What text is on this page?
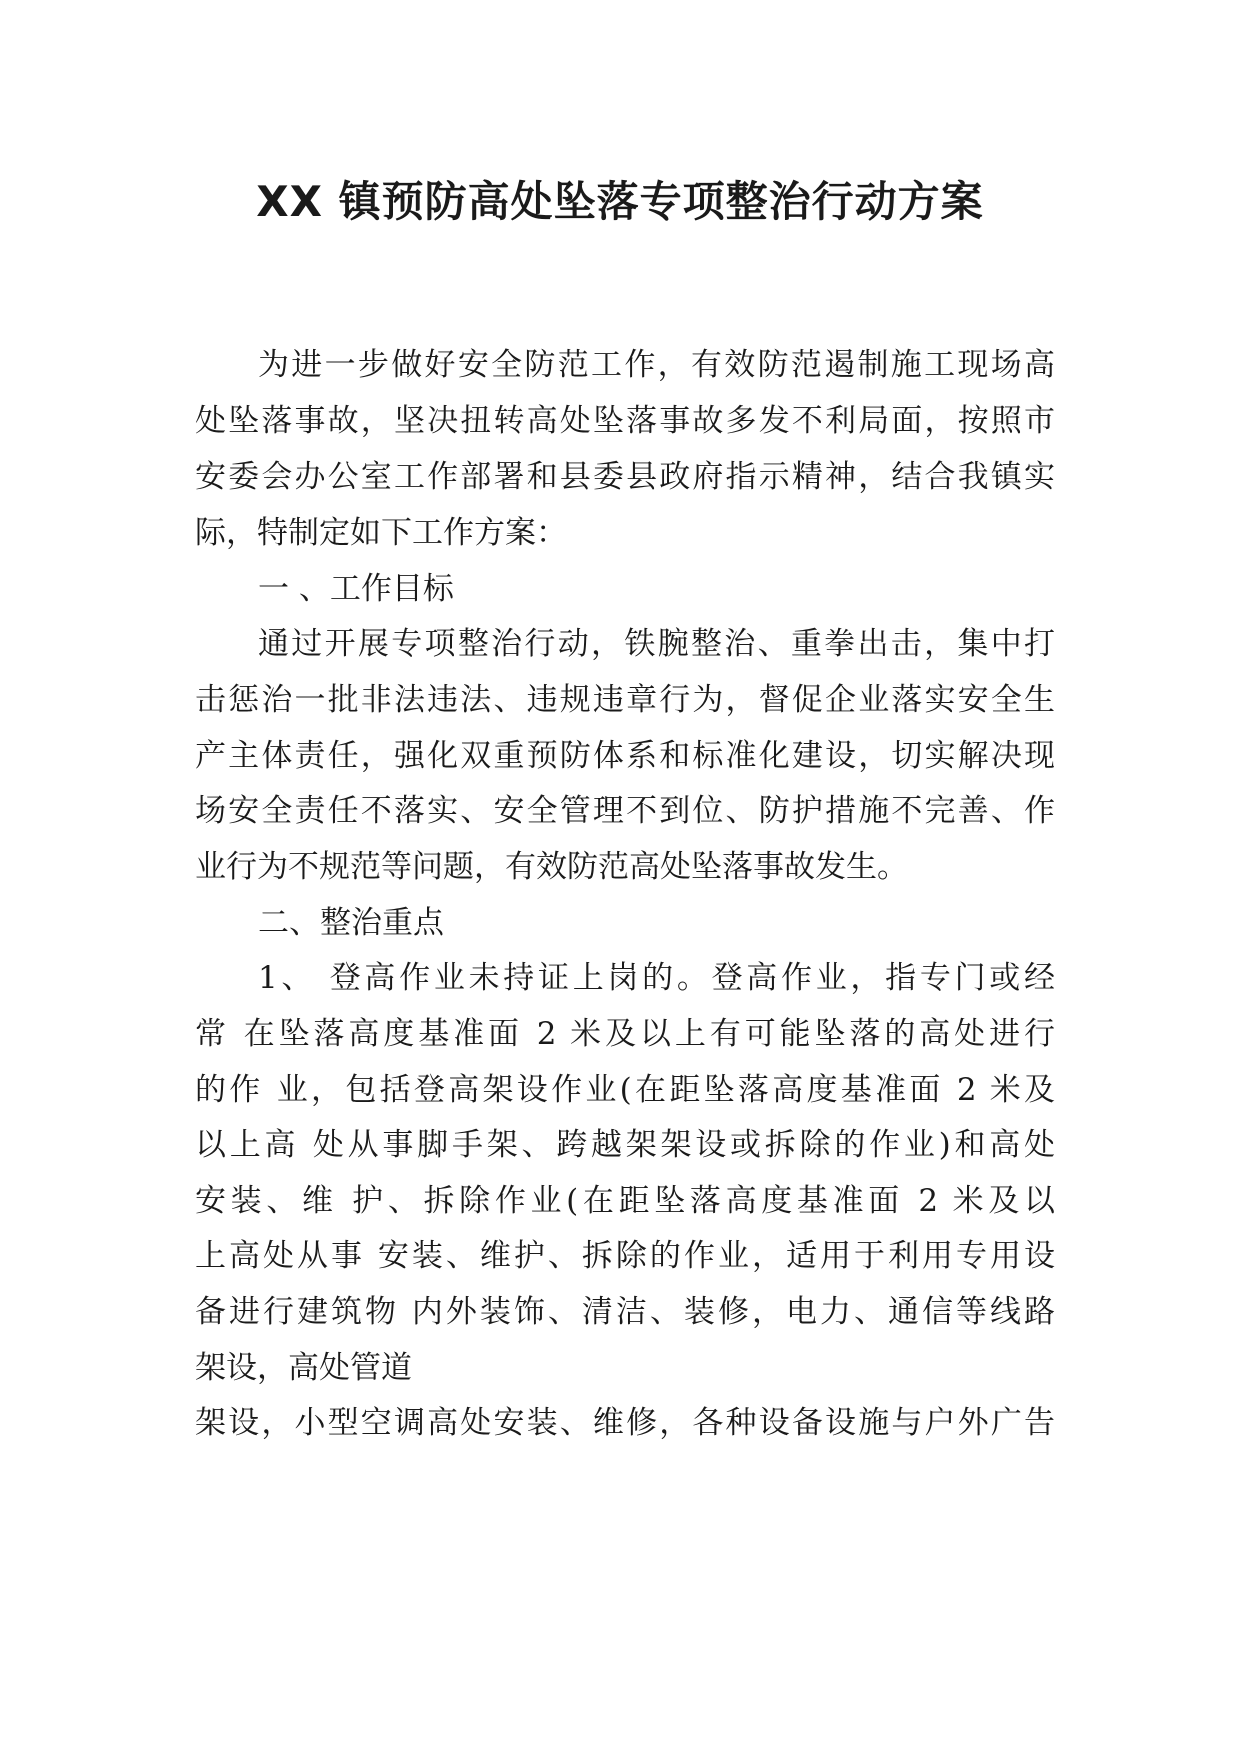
XX 镇预防高处坠落专项整治行动方案
为进一步做好安全防范工作，有效防范遏制施工现场高
处坠落事故，坚决扭转高处坠落事故多发不利局面，按照市
安委会办公室工作部署和县委县政府指示精神，结合我镇实
际，特制定如下工作方案：
一 、工作目标
通过开展专项整治行动，铁腕整治、重拳出击，集中打
击惩治一批非法违法、违规违章行为，督促企业落实安全生
产主体责任，强化双重预防体系和标准化建设，切实解决现
场安全责任不落实、安全管理不到位、防护措施不完善、作
业行为不规范等问题，有效防范高处坠落事故发生。
二、整治重点
1、 登高作业未持证上岗的。登高作业，指专门或经
常 在坠落高度基准面 2 米及以上有可能坠落的高处进行
的作 业，包括登高架设作业(在距坠落高度基准面 2 米及
以上高 处从事脚手架、跨越架架设或拆除的作业)和高处
安装、维 护、拆除作业(在距坠落高度基准面 2 米及以
上高处从事 安装、维护、拆除的作业，适用于利用专用设
备进行建筑物 内外装饰、清洁、装修，电力、通信等线路
架设，高处管道
架设，小型空调高处安装、维修，各种设备设施与户外广告
